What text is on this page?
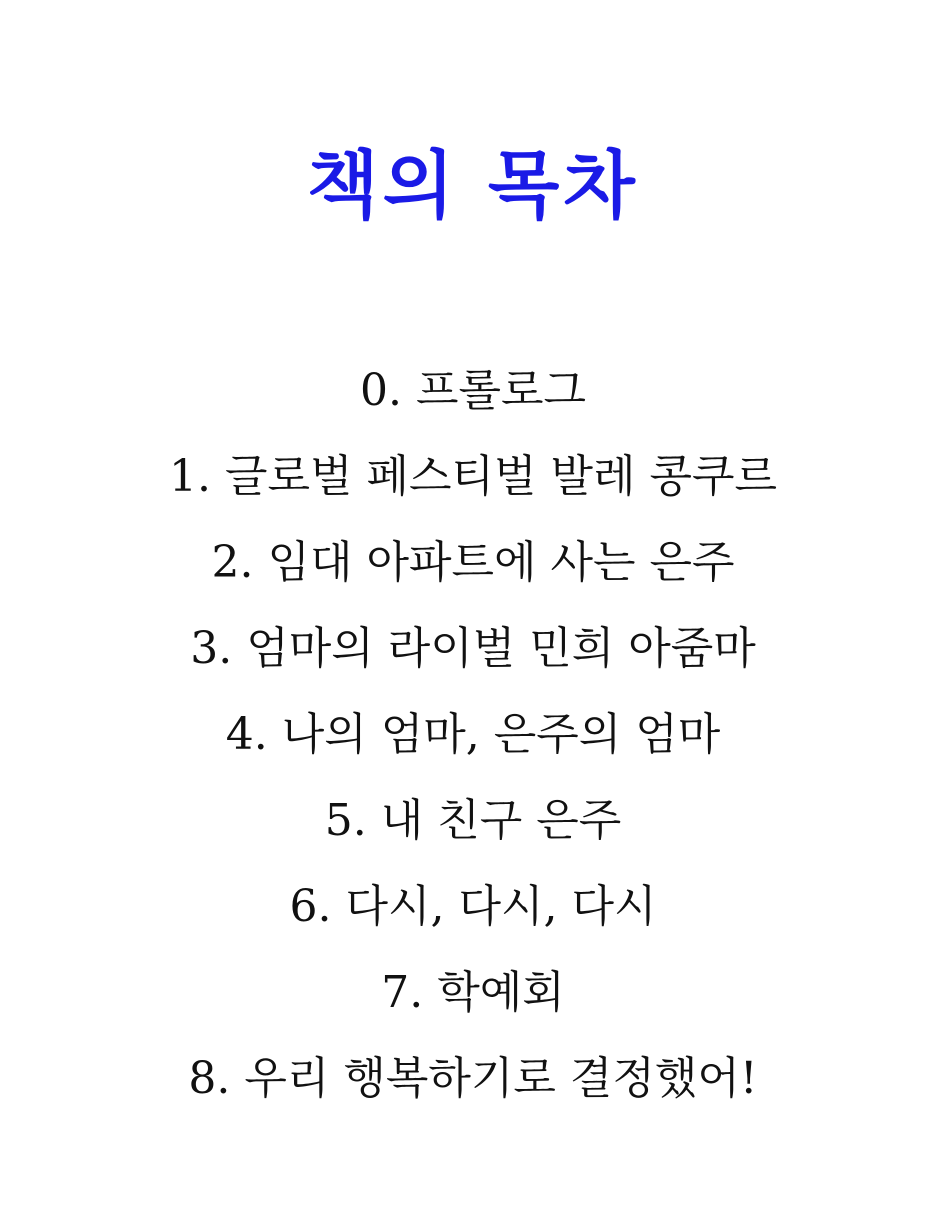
책의 목차
0. 프롤로그
1. 글로벌 페스티벌 발레 콩쿠르
2. 임대 아파트에 사는 은주
3. 엄마의 라이벌 민희 아줌마
4. 나의 엄마, 은주의 엄마
5. 내 친구 은주
6. 다시, 다시, 다시
7. 학예회
8. 우리 행복하기로 결정했어!
